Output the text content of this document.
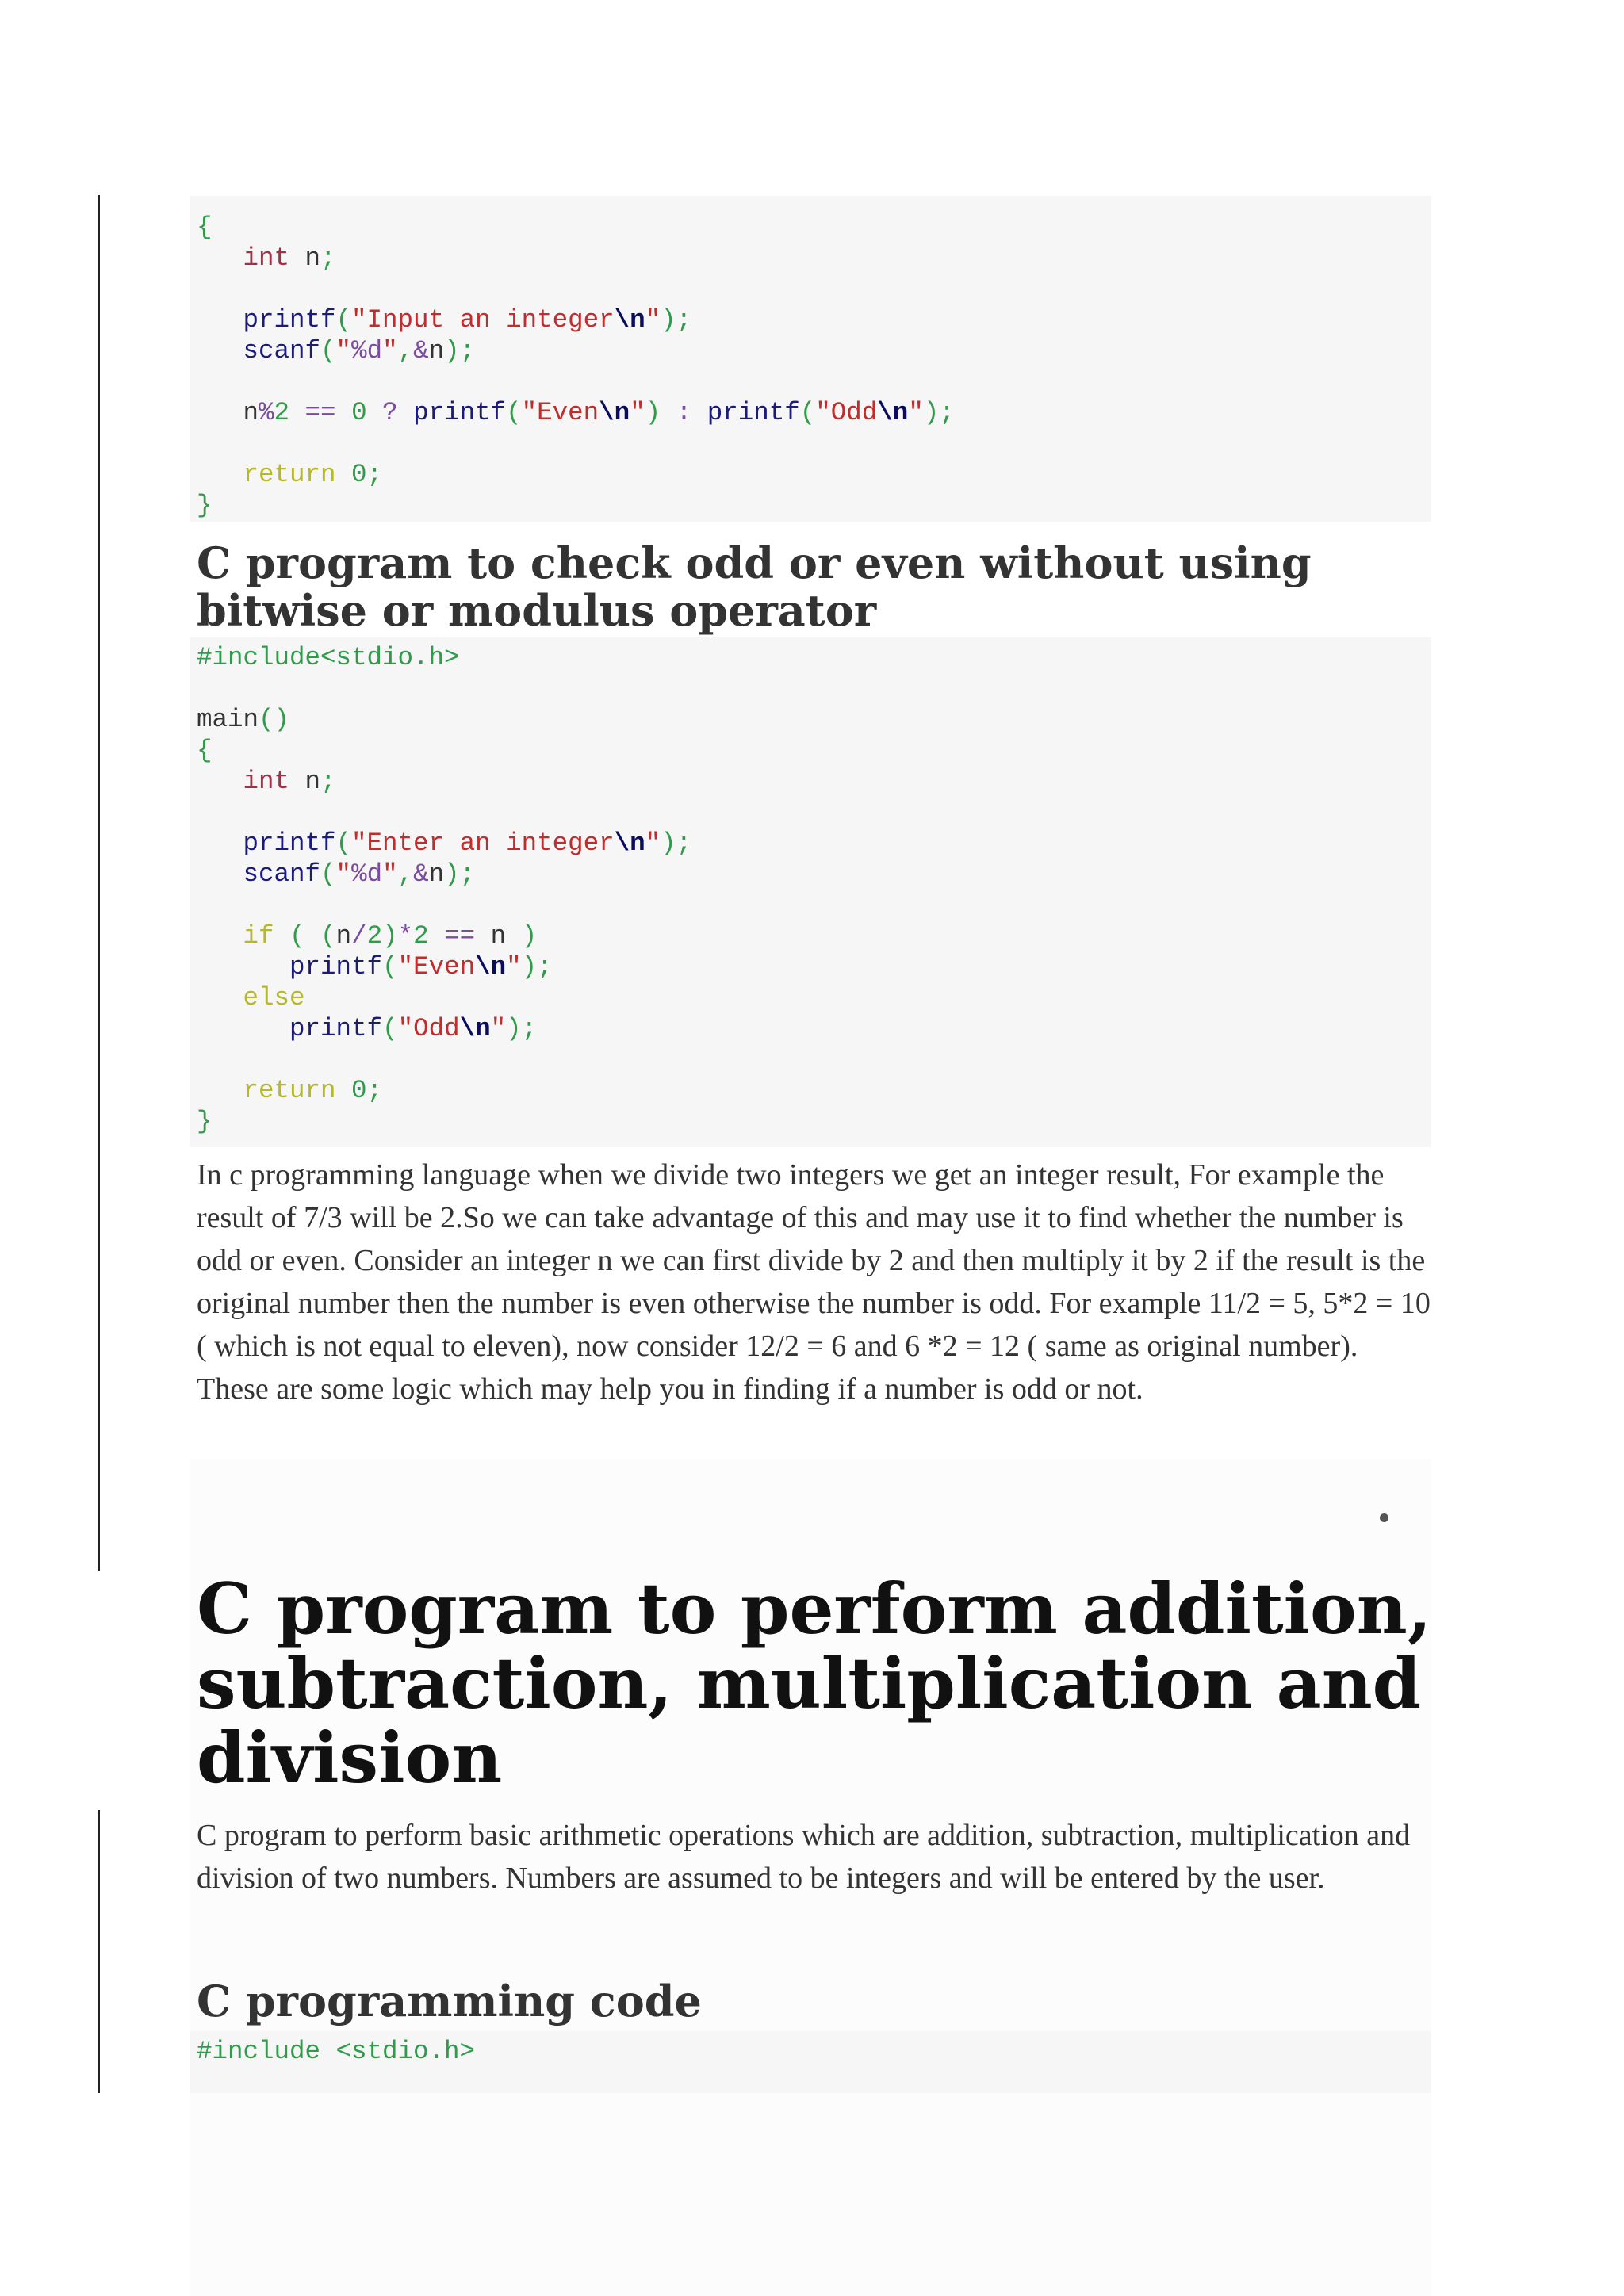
{
int n;
printf("Input an integer\n");
scanf("%d",&n);
n%2 == 0 ? printf("Even\n") : printf("Odd\n");
return 0;
}
C program to check odd or even without using bitwise or modulus operator
#include<stdio.h>
main()
{
int n;
printf("Enter an integer\n");
scanf("%d",&n);
if ( (n/2)*2 == n )
printf("Even\n");
else
printf("Odd\n");
return 0;
}

In c programming language when we divide two integers we get an integer result, For example the result of 7/3 will be 2.So we can take advantage of this and may use it to find whether the number is odd or even. Consider an integer n we can first divide by 2 and then multiply it by 2 if the result is the original number then the number is even otherwise the number is odd. For example 11/2 = 5, 5*2 = 10 ( which is not equal to eleven), now consider 12/2 = 6 and 6 *2 = 12 ( same as original number). These are some logic which may help you in finding if a number is odd or not.

C program to perform addition, subtraction, multiplication and division

C program to perform basic arithmetic operations which are addition, subtraction, multiplication and division of two numbers. Numbers are assumed to be integers and will be entered by the user.

C programming code
#include <stdio.h>
